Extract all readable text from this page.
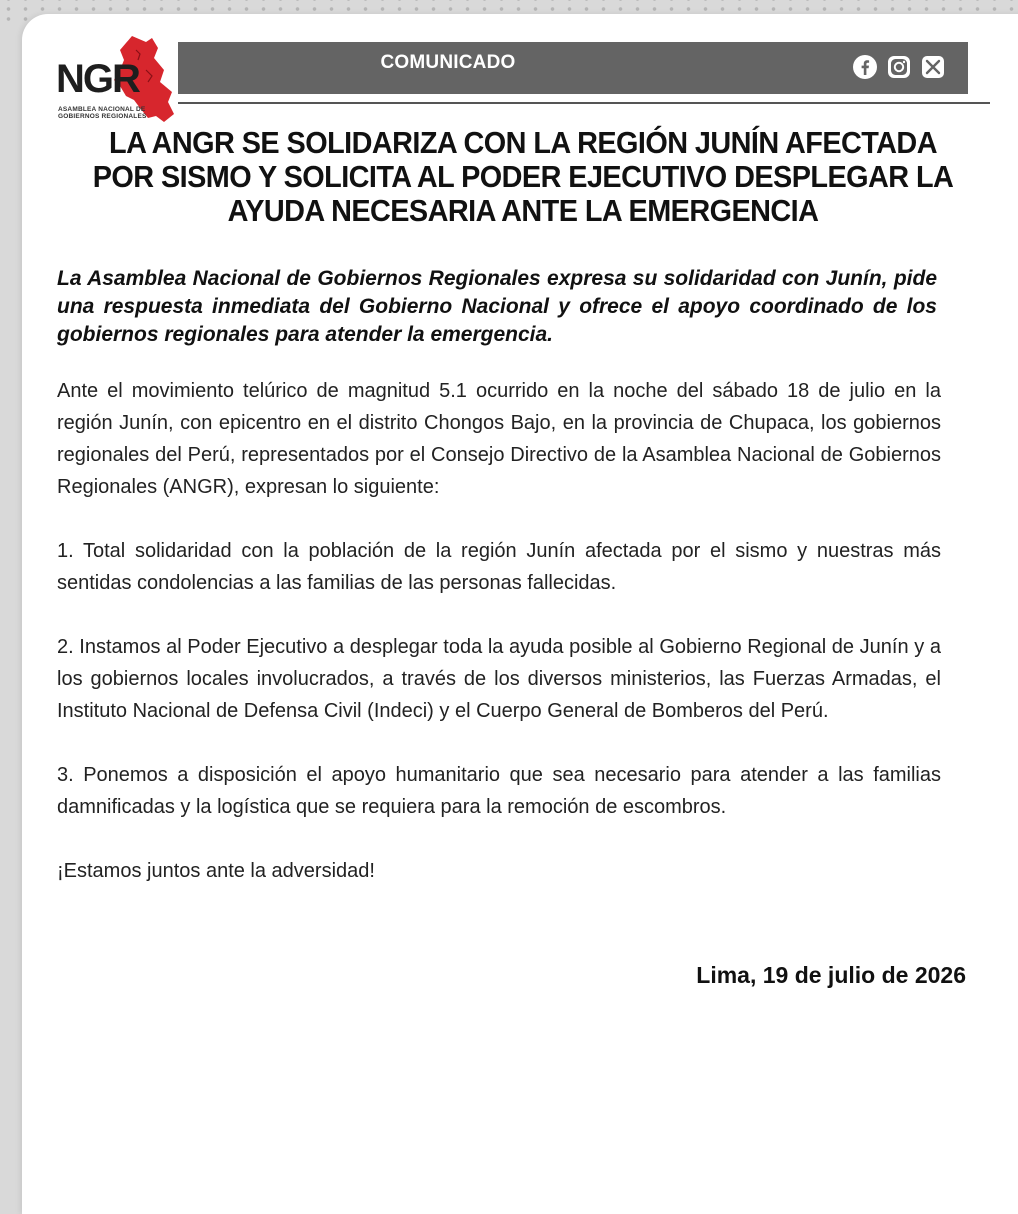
NGR
ASAMBLEA NACIONAL DE GOBIERNOS REGIONALES
COMUNICADO
LA ANGR SE SOLIDARIZA CON LA REGIÓN JUNÍN AFECTADA POR SISMO Y SOLICITA AL PODER EJECUTIVO DESPLEGAR LA AYUDA NECESARIA ANTE LA EMERGENCIA
La Asamblea Nacional de Gobiernos Regionales expresa su solidaridad con Junín, pide una respuesta inmediata del Gobierno Nacional y ofrece el apoyo coordinado de los gobiernos regionales para atender la emergencia.

Ante el movimiento telúrico de magnitud 5.1 ocurrido en la noche del sábado 18 de julio en la región Junín, con epicentro en el distrito Chongos Bajo, en la provincia de Chupaca, los gobiernos regionales del Perú, representados por el Consejo Directivo de la Asamblea Nacional de Gobiernos Regionales (ANGR), expresan lo siguiente:

1. Total solidaridad con la población de la región Junín afectada por el sismo y nuestras más sentidas condolencias a las familias de las personas fallecidas.

2. Instamos al Poder Ejecutivo a desplegar toda la ayuda posible al Gobierno Regional de Junín y a los gobiernos locales involucrados, a través de los diversos ministerios, las Fuerzas Armadas, el Instituto Nacional de Defensa Civil (Indeci) y el Cuerpo General de Bomberos del Perú.

3. Ponemos a disposición el apoyo humanitario que sea necesario para atender a las familias damnificadas y la logística que se requiera para la remoción de escombros.

¡Estamos juntos ante la adversidad!

Lima, 19 de julio de 2026
